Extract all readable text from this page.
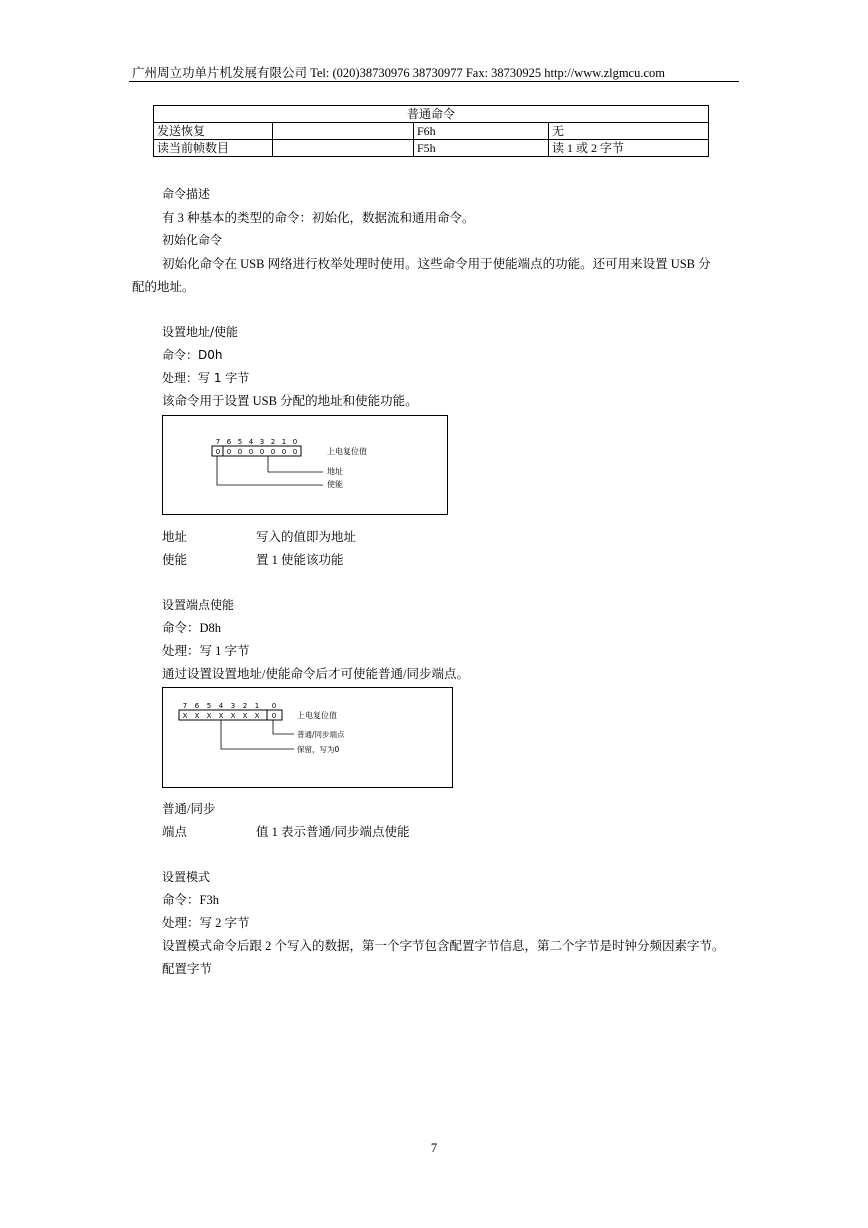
广州周立功单片机发展有限公司 Tel: (020)38730976 38730977 Fax: 38730925 http://www.zlgmcu.com
普通命令			
发送恢复		F6h	无
读当前帧数目		F5h	读 1 或 2 字节
命令描述
有 3 种基本的类型的命令：初始化，数据流和通用命令。
初始化命令
初始化命令在 USB 网络进行枚举处理时使用。这些命令用于使能端点的功能。还可用来设置 USB 分
配的地址。
设置地址/使能
命令：D0h
处理：写 1 字节
该命令用于设置 USB 分配的地址和使能功能。
7 6 5 4 3 2 1 0
0 0 0 0 0 0 0 0	上电复位值
地址
使能
地址	写入的值即为地址
使能	置 1 使能该功能
设置端点使能
命令：D8h
处理：写 1 字节
通过设置设置地址/使能命令后才可使能普通/同步端点。
7 6 5 4 3 2 1 0
X X X X X X X 0	上电复位值
普通/同步端点
保留，写为0
普通/同步
端点	值 1 表示普通/同步端点使能
设置模式
命令：F3h
处理：写 2 字节
设置模式命令后跟 2 个写入的数据，第一个字节包含配置字节信息，第二个字节是时钟分频因素字节。
配置字节
7
